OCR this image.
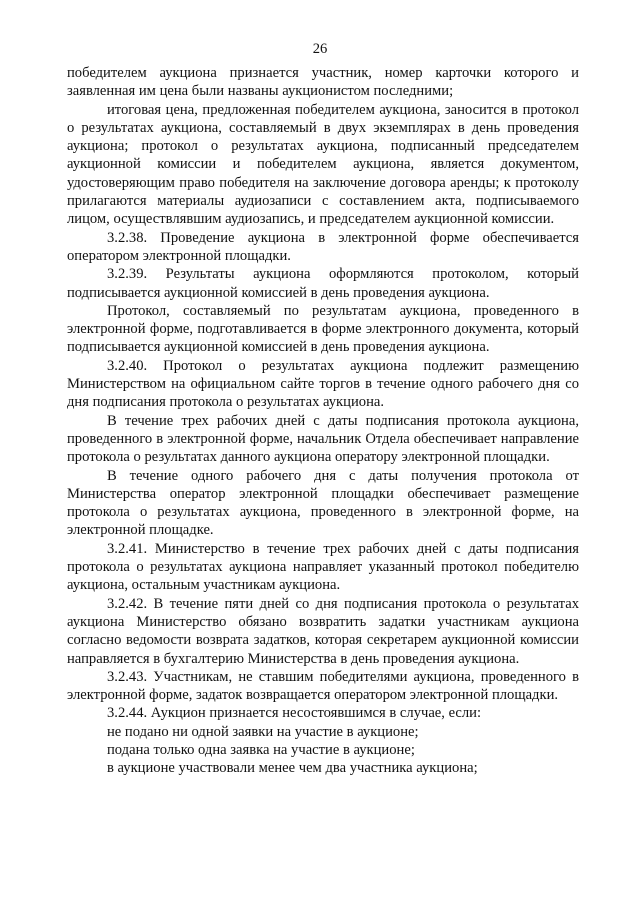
26

победителем аукциона признается участник, номер карточки которого и заявленная им цена были названы аукционистом последними;

итоговая цена, предложенная победителем аукциона, заносится в протокол о результатах аукциона, составляемый в двух экземплярах в день проведения аукциона; протокол о результатах аукциона, подписанный председателем аукционной комиссии и победителем аукциона, является документом, удостоверяющим право победителя на заключение договора аренды; к протоколу прилагаются материалы аудиозаписи с составлением акта, подписываемого лицом, осуществлявшим аудиозапись, и председателем аукционной комиссии.

3.2.38. Проведение аукциона в электронной форме обеспечивается оператором электронной площадки.

3.2.39. Результаты аукциона оформляются протоколом, который подписывается аукционной комиссией в день проведения аукциона.

Протокол, составляемый по результатам аукциона, проведенного в электронной форме, подготавливается в форме электронного документа, который подписывается аукционной комиссией в день проведения аукциона.

3.2.40. Протокол о результатах аукциона подлежит размещению Министерством на официальном сайте торгов в течение одного рабочего дня со дня подписания протокола о результатах аукциона.

В течение трех рабочих дней с даты подписания протокола аукциона, проведенного в электронной форме, начальник Отдела обеспечивает направление протокола о результатах данного аукциона оператору электронной площадки.

В течение одного рабочего дня с даты получения протокола от Министерства оператор электронной площадки обеспечивает размещение протокола о результатах аукциона, проведенного в электронной форме, на электронной площадке.

3.2.41. Министерство в течение трех рабочих дней с даты подписания протокола о результатах аукциона направляет указанный протокол победителю аукциона, остальным участникам аукциона.

3.2.42. В течение пяти дней со дня подписания протокола о результатах аукциона Министерство обязано возвратить задатки участникам аукциона согласно ведомости возврата задатков, которая секретарем аукционной комиссии направляется в бухгалтерию Министерства в день проведения аукциона.

3.2.43. Участникам, не ставшим победителями аукциона, проведенного в электронной форме, задаток возвращается оператором электронной площадки.

3.2.44. Аукцион признается несостоявшимся в случае, если:

не подано ни одной заявки на участие в аукционе;

подана только одна заявка на участие в аукционе;

в аукционе участвовали менее чем два участника аукциона;
